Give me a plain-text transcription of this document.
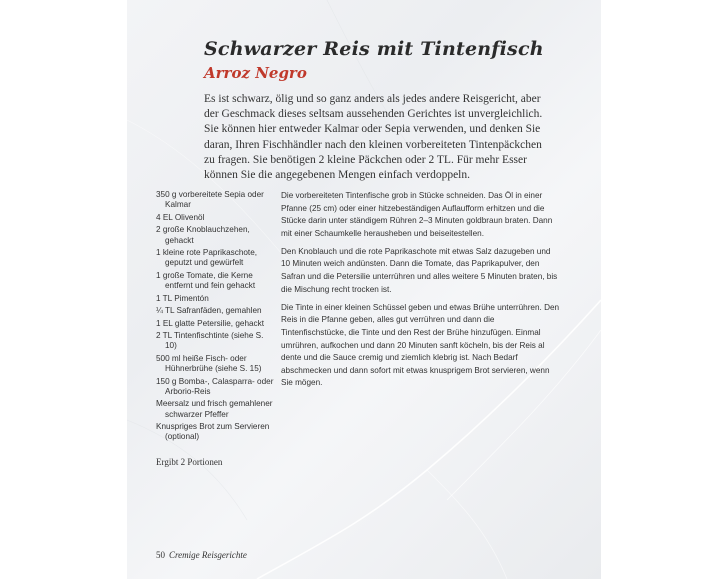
Schwarzer Reis mit Tintenfisch
Arroz Negro

Es ist schwarz, ölig und so ganz anders als jedes andere Reisgericht, aber der Geschmack dieses seltsam aussehenden Gerichtes ist unvergleichlich. Sie können hier entweder Kalmar oder Sepia verwenden, und denken Sie daran, Ihren Fischhändler nach den kleinen vorbereiteten Tintenpäckchen zu fragen. Sie benötigen 2 kleine Päckchen oder 2 TL. Für mehr Esser können Sie die angegebenen Mengen einfach verdoppeln.

350 g vorbereitete Sepia oder Kalmar
4 EL Olivenöl
2 große Knoblauchzehen, gehackt
1 kleine rote Paprikaschote, geputzt und gewürfelt
1 große Tomate, die Kerne entfernt und fein gehackt
1 TL Pimentón
¼ TL Safranfäden, gemahlen
1 EL glatte Petersilie, gehackt
2 TL Tintenfischtinte (siehe S. 10)
500 ml heiße Fisch- oder Hühnerbrühe (siehe S. 15)
150 g Bomba-, Calasparra- oder Arborio-Reis
Meersalz und frisch gemahlener schwarzer Pfeffer
Knuspriges Brot zum Servieren (optional)

Ergibt 2 Portionen

Die vorbereiteten Tintenfische grob in Stücke schneiden. Das Öl in einer Pfanne (25 cm) oder einer hitzebeständigen Auflaufform erhitzen und die Stücke darin unter ständigem Rühren 2–3 Minuten goldbraun braten. Dann mit einer Schaumkelle herausheben und beiseitestellen.

Den Knoblauch und die rote Paprikaschote mit etwas Salz dazugeben und 10 Minuten weich andünsten. Dann die Tomate, das Paprikapulver, den Safran und die Petersilie unterrühren und alles weitere 5 Minuten braten, bis die Mischung recht trocken ist.

Die Tinte in einer kleinen Schüssel geben und etwas Brühe unterrühren. Den Reis in die Pfanne geben, alles gut verrühren und dann die Tintenfischstücke, die Tinte und den Rest der Brühe hinzufügen. Einmal umrühren, aufkochen und dann 20 Minuten sanft köcheln, bis der Reis al dente und die Sauce cremig und ziemlich klebrig ist. Nach Bedarf abschmecken und dann sofort mit etwas knusprigem Brot servieren, wenn Sie mögen.

50 Cremige Reisgerichte
